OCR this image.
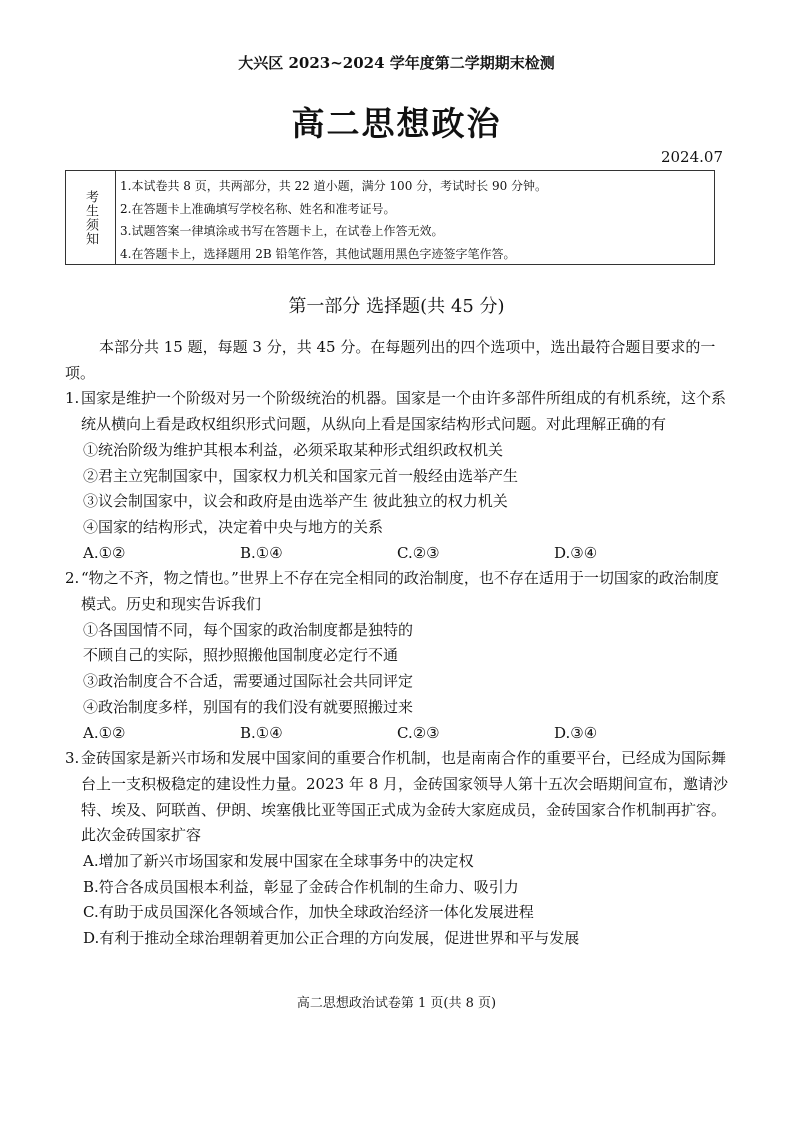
大兴区 2023~2024 学年度第二学期期末检测
高二思想政治
2024.07
考生须知
1.本试卷共 8 页，共两部分，共 22 道小题，满分 100 分，考试时长 90 分钟。
2.在答题卡上准确填写学校名称、姓名和准考证号。
3.试题答案一律填涂或书写在答题卡上，在试卷上作答无效。
4.在答题卡上，选择题用 2B 铅笔作答，其他试题用黑色字迹签字笔作答。
第一部分 选择题(共 45 分)

本部分共 15 题，每题 3 分，共 45 分。在每题列出的四个选项中，选出最符合题目要求的一项。

1. 国家是维护一个阶级对另一个阶级统治的机器。国家是一个由许多部件所组成的有机系统，这个系统从横向上看是政权组织形式问题，从纵向上看是国家结构形式问题。对此理解正确的有
①统治阶级为维护其根本利益，必须采取某种形式组织政权机关
②君主立宪制国家中，国家权力机关和国家元首一般经由选举产生
③议会制国家中，议会和政府是由选举产生 彼此独立的权力机关
④国家的结构形式，决定着中央与地方的关系
A.①②	B.①④	C.②③	D.③④
2. “物之不齐，物之情也。”世界上不存在完全相同的政治制度，也不存在适用于一切国家的政治制度模式。历史和现实告诉我们
①各国国情不同，每个国家的政治制度都是独特的
不顾自己的实际，照抄照搬他国制度必定行不通
③政治制度合不合适，需要通过国际社会共同评定
④政治制度多样，别国有的我们没有就要照搬过来
A.①②	B.①④	C.②③	D.③④
3. 金砖国家是新兴市场和发展中国家间的重要合作机制，也是南南合作的重要平台，已经成为国际舞台上一支积极稳定的建设性力量。2023 年 8 月，金砖国家领导人第十五次会晤期间宣布，邀请沙特、埃及、阿联酋、伊朗、埃塞俄比亚等国正式成为金砖大家庭成员，金砖国家合作机制再扩容。此次金砖国家扩容
A.增加了新兴市场国家和发展中国家在全球事务中的决定权
B.符合各成员国根本利益，彰显了金砖合作机制的生命力、吸引力
C.有助于成员国深化各领域合作，加快全球政治经济一体化发展进程
D.有利于推动全球治理朝着更加公正合理的方向发展，促进世界和平与发展
高二思想政治试卷第 1 页(共 8 页)
